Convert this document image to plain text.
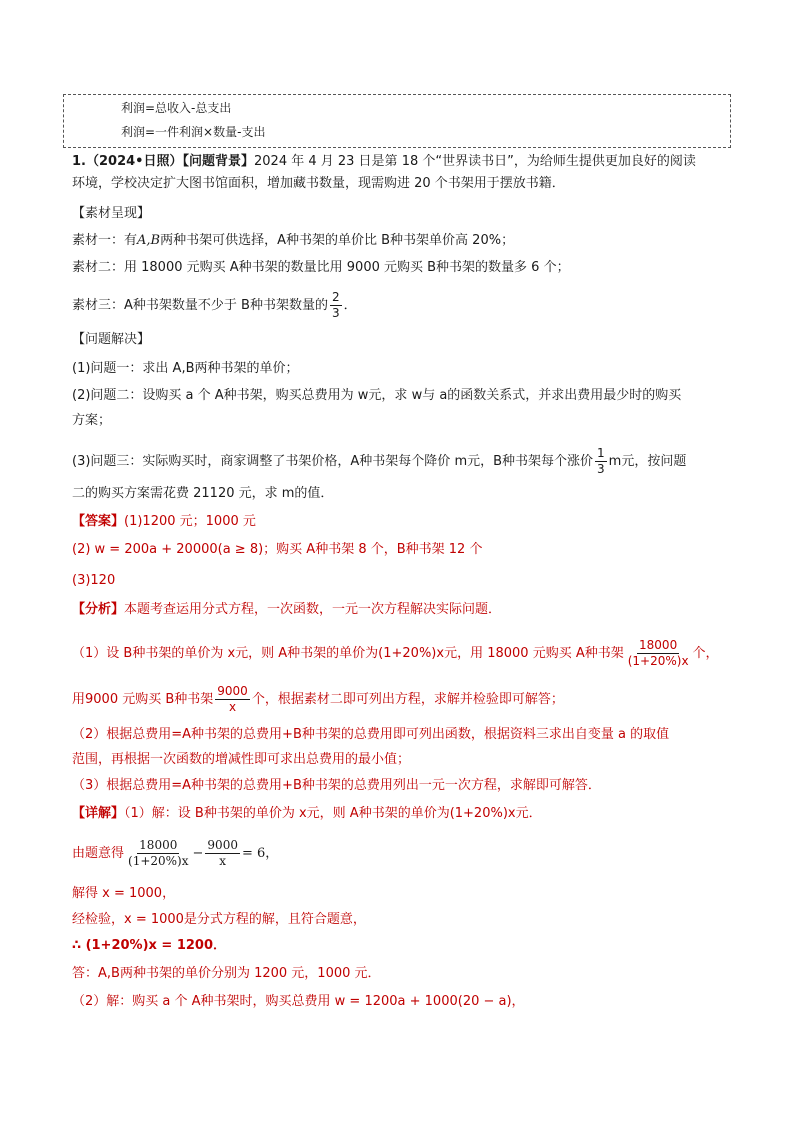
利润=总收入-总支出
利润=一件利润×数量-支出
1.（2024•日照）【问题背景】2024 年 4 月 23 日是第 18 个“世界读书日”，为给师生提供更加良好的阅读
环境，学校决定扩大图书馆面积，增加藏书数量，现需购进 20 个书架用于摆放书籍．
【素材呈现】
素材一：有A,B两种书架可供选择，A种书架的单价比 B种书架单价高 20%；
素材二：用 18000 元购买 A种书架的数量比用 9000 元购买 B种书架的数量多 6 个；
素材三：A种书架数量不少于 B种书架数量的 $\frac{2}{3}$ ．
【问题解决】
(1)问题一：求出 A,B两种书架的单价；
(2)问题二：设购买 a 个 A种书架，购买总费用为 w元，求 w与 a的函数关系式，并求出费用最少时的购买
方案；
(3)问题三：实际购买时，商家调整了书架价格，A种书架每个降价 m元，B种书架每个涨价 $\frac{1}{3}$ m元，按问题
二的购买方案需花费 21120 元，求 m的值．
【答案】(1)1200 元；1000 元
(2) w = 200a + 20000(a ≥ 8)；购买 A种书架 8 个，B种书架 12 个
(3)120
【分析】本题考查运用分式方程，一次函数，一元一次方程解决实际问题．
（1）设 B种书架的单价为 x元，则 A种书架的单价为(1+20%)x元，用 18000 元购买 A种书架 $\frac{18000}{(1+20\%)x}$ 个，
用9000 元购买 B种书架 $\frac{9000}{x}$ 个，根据素材二即可列出方程，求解并检验即可解答；
（2）根据总费用=A种书架的总费用+B种书架的总费用即可列出函数，根据资料三求出自变量 a 的取值
范围，再根据一次函数的增减性即可求出总费用的最小值；
（3）根据总费用=A种书架的总费用+B种书架的总费用列出一元一次方程，求解即可解答．
【详解】（1）解：设 B种书架的单价为 x元，则 A种书架的单价为(1+20%)x元．
由题意得 $\frac{18000}{(1+20\%)x} - \frac{9000}{x} = 6$，
解得 x = 1000，
经检验，x = 1000是分式方程的解，且符合题意，
∴ (1+20%)x = 1200．
答：A,B两种书架的单价分别为 1200 元，1000 元．
（2）解：购买 a 个 A种书架时，购买总费用 w = 1200a + 1000(20 − a)，
